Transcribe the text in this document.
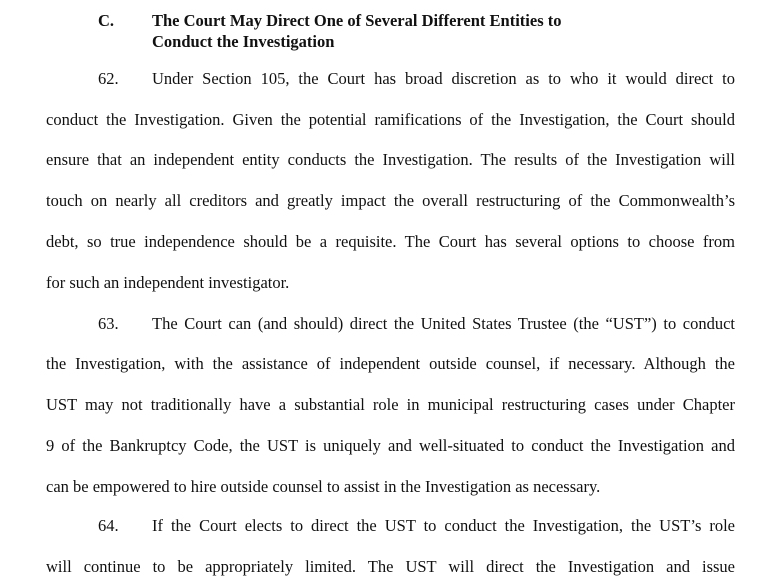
C. The Court May Direct One of Several Different Entities to
Conduct the Investigation
62. Under Section 105, the Court has broad discretion as to who it would direct to
conduct the Investigation. Given the potential ramifications of the Investigation, the Court should
ensure that an independent entity conducts the Investigation. The results of the Investigation will
touch on nearly all creditors and greatly impact the overall restructuring of the Commonwealth’s
debt, so true independence should be a requisite. The Court has several options to choose from
for such an independent investigator.
63. The Court can (and should) direct the United States Trustee (the “UST”) to conduct
the Investigation, with the assistance of independent outside counsel, if necessary. Although the
UST may not traditionally have a substantial role in municipal restructuring cases under Chapter
9 of the Bankruptcy Code, the UST is uniquely and well-situated to conduct the Investigation and
can be empowered to hire outside counsel to assist in the Investigation as necessary.
64. If the Court elects to direct the UST to conduct the Investigation, the UST’s role
will continue to be appropriately limited. The UST will direct the Investigation and issue
